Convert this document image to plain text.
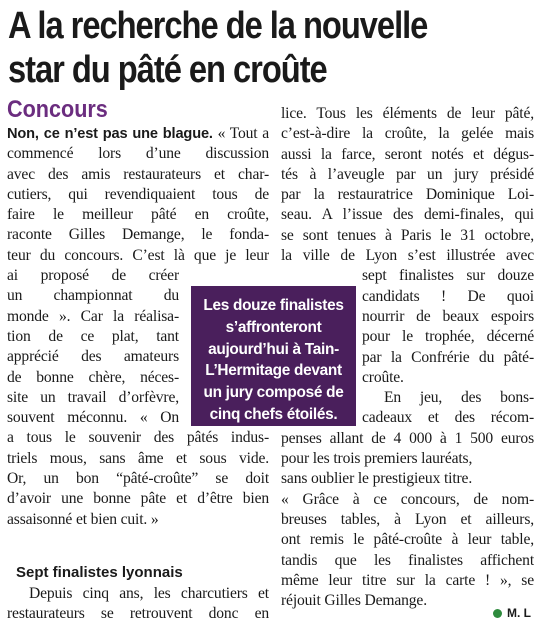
A la recherche de la nouvelle
star du pâté en croûte
Concours
Non, ce n’est pas une blague. « Tout a
commencé lors d’une discussion
avec des amis restaurateurs et char-
cutiers, qui revendiquaient tous de
faire le meilleur pâté en croûte,
raconte Gilles Demange, le fonda-
teur du concours. C’est là que je leur
ai proposé de créer
un championnat du
monde ». Car la réalisa-
tion de ce plat, tant
apprécié des amateurs
de bonne chère, néces-
site un travail d’orfèvre,
souvent méconnu. « On
a tous le souvenir des pâtés indus-
triels mous, sans âme et sous vide.
Or, un bon “pâté-croûte” se doit
d’avoir une bonne pâte et d’être bien
assaisonné et bien cuit. »
Sept finalistes lyonnais
Depuis cinq ans, les charcutiers et
restaurateurs se retrouvent donc en
lice. Tous les éléments de leur pâté,
c’est-à-dire la croûte, la gelée mais
aussi la farce, seront notés et dégus-
tés à l’aveugle par un jury présidé
par la restauratrice Dominique Loi-
seau. A l’issue des demi-finales, qui
se sont tenues à Paris le 31 octobre,
la ville de Lyon s’est illustrée avec
sept finalistes sur douze
candidats ! De quoi
nourrir de beaux espoirs
pour le trophée, décerné
par la Confrérie du pâté-
croûte.
En jeu, des bons-
cadeaux et des récom-
penses allant de 4 000 à 1 500 euros
pour les trois premiers lauréats,
sans oublier le prestigieux titre.
« Grâce à ce concours, de nom-
breuses tables, à Lyon et ailleurs,
ont remis le pâté-croûte à leur table,
tandis que les finalistes affichent
même leur titre sur la carte ! », se
réjouit Gilles Demange.
Les douze finalistes
s’affronteront
aujourd’hui à Tain-
L’Hermitage devant
un jury composé de
cinq chefs étoilés.
M. L
